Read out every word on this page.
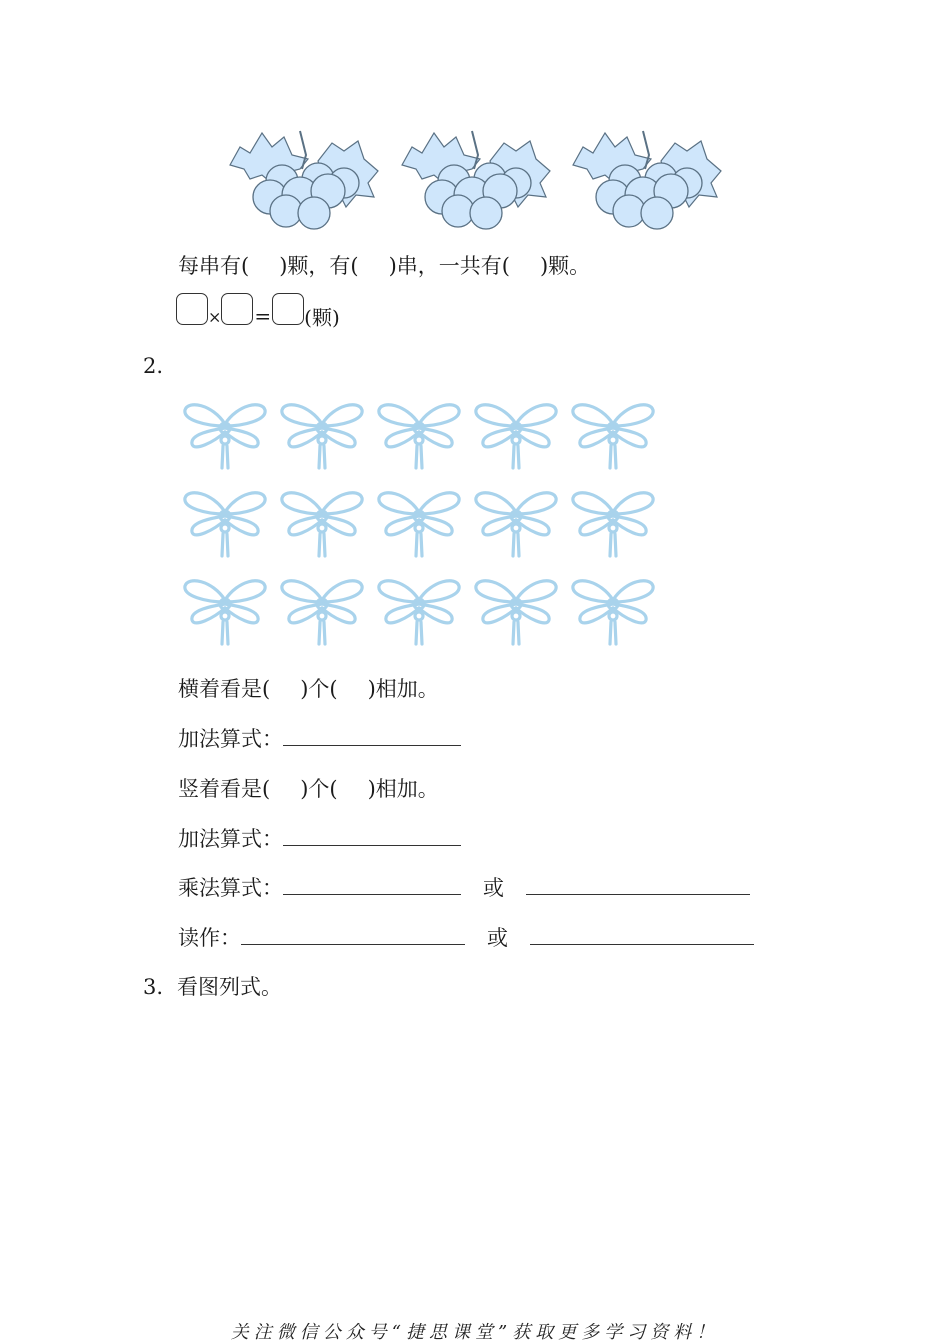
每串有( )颗，有( )串，一共有( )颗。
$_\times$ = (颗)
2.
横着看是( )个( )相加。
加法算式：
竖着看是( )个( )相加。
加法算式：
乘法算式：	或
读作：	或
3. 看图列式。
关注微信公众号“捷思课堂”获取更多学习资料！
